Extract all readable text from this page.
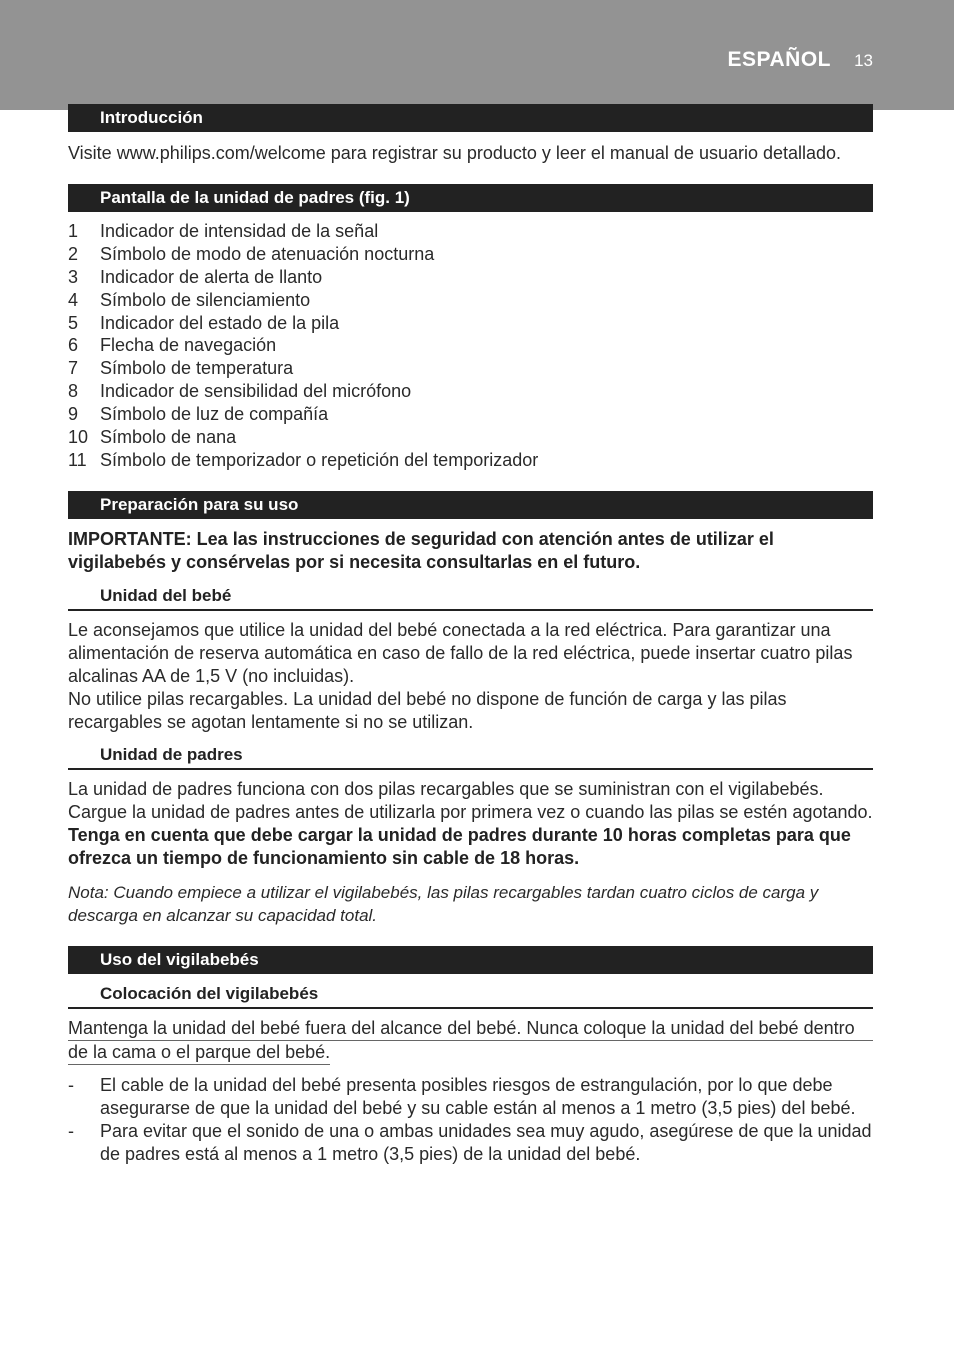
ESPAÑOL 13
Introducción
Visite www.philips.com/welcome para registrar su producto y leer el manual de usuario detallado.
Pantalla de la unidad de padres (fig. 1)
1 Indicador de intensidad de la señal
2 Símbolo de modo de atenuación nocturna
3 Indicador de alerta de llanto
4 Símbolo de silenciamiento
5 Indicador del estado de la pila
6 Flecha de navegación
7 Símbolo de temperatura
8 Indicador de sensibilidad del micrófono
9 Símbolo de luz de compañía
10 Símbolo de nana
11 Símbolo de temporizador o repetición del temporizador
Preparación para su uso
IMPORTANTE: Lea las instrucciones de seguridad con atención antes de utilizar el vigilabebés y consérvelas por si necesita consultarlas en el futuro.
Unidad del bebé
Le aconsejamos que utilice la unidad del bebé conectada a la red eléctrica. Para garantizar una alimentación de reserva automática en caso de fallo de la red eléctrica, puede insertar cuatro pilas alcalinas AA de 1,5 V (no incluidas).
No utilice pilas recargables. La unidad del bebé no dispone de función de carga y las pilas recargables se agotan lentamente si no se utilizan.
Unidad de padres
La unidad de padres funciona con dos pilas recargables que se suministran con el vigilabebés.
Cargue la unidad de padres antes de utilizarla por primera vez o cuando las pilas se estén agotando.
Tenga en cuenta que debe cargar la unidad de padres durante 10 horas completas para que ofrezca un tiempo de funcionamiento sin cable de 18 horas.
Nota: Cuando empiece a utilizar el vigilabebés, las pilas recargables tardan cuatro ciclos de carga y descarga en alcanzar su capacidad total.
Uso del vigilabebés
Colocación del vigilabebés
Mantenga la unidad del bebé fuera del alcance del bebé. Nunca coloque la unidad del bebé dentro
de la cama o el parque del bebé.
- El cable de la unidad del bebé presenta posibles riesgos de estrangulación, por lo que debe asegurarse de que la unidad del bebé y su cable están al menos a 1 metro (3,5 pies) del bebé.
- Para evitar que el sonido de una o ambas unidades sea muy agudo, asegúrese de que la unidad de padres está al menos a 1 metro (3,5 pies) de la unidad del bebé.
